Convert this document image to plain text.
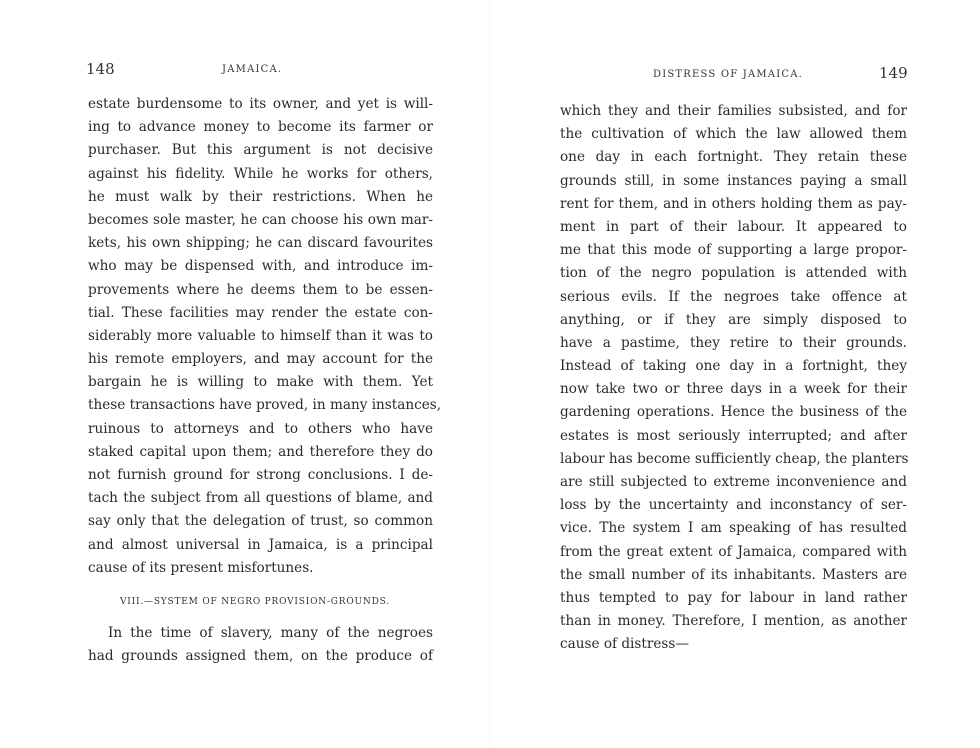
148	JAMAICA.
estate burdensome to its owner, and yet is will-
ing to advance money to become its farmer or
purchaser. But this argument is not decisive
against his fidelity. While he works for others,
he must walk by their restrictions. When he
becomes sole master, he can choose his own mar-
kets, his own shipping; he can discard favourites
who may be dispensed with, and introduce im-
provements where he deems them to be essen-
tial. These facilities may render the estate con-
siderably more valuable to himself than it was to
his remote employers, and may account for the
bargain he is willing to make with them. Yet
these transactions have proved, in many instances,
ruinous to attorneys and to others who have
staked capital upon them; and therefore they do
not furnish ground for strong conclusions. I de-
tach the subject from all questions of blame, and
say only that the delegation of trust, so common
and almost universal in Jamaica, is a principal
cause of its present misfortunes.
VIII.—SYSTEM OF NEGRO PROVISION-GROUNDS.
In the time of slavery, many of the negroes
had grounds assigned them, on the produce of
DISTRESS OF JAMAICA.	149
which they and their families subsisted, and for
the cultivation of which the law allowed them
one day in each fortnight. They retain these
grounds still, in some instances paying a small
rent for them, and in others holding them as pay-
ment in part of their labour. It appeared to
me that this mode of supporting a large propor-
tion of the negro population is attended with
serious evils. If the negroes take offence at
anything, or if they are simply disposed to
have a pastime, they retire to their grounds.
Instead of taking one day in a fortnight, they
now take two or three days in a week for their
gardening operations. Hence the business of the
estates is most seriously interrupted; and after
labour has become sufficiently cheap, the planters
are still subjected to extreme inconvenience and
loss by the uncertainty and inconstancy of ser-
vice. The system I am speaking of has resulted
from the great extent of Jamaica, compared with
the small number of its inhabitants. Masters are
thus tempted to pay for labour in land rather
than in money. Therefore, I mention, as another
cause of distress—
